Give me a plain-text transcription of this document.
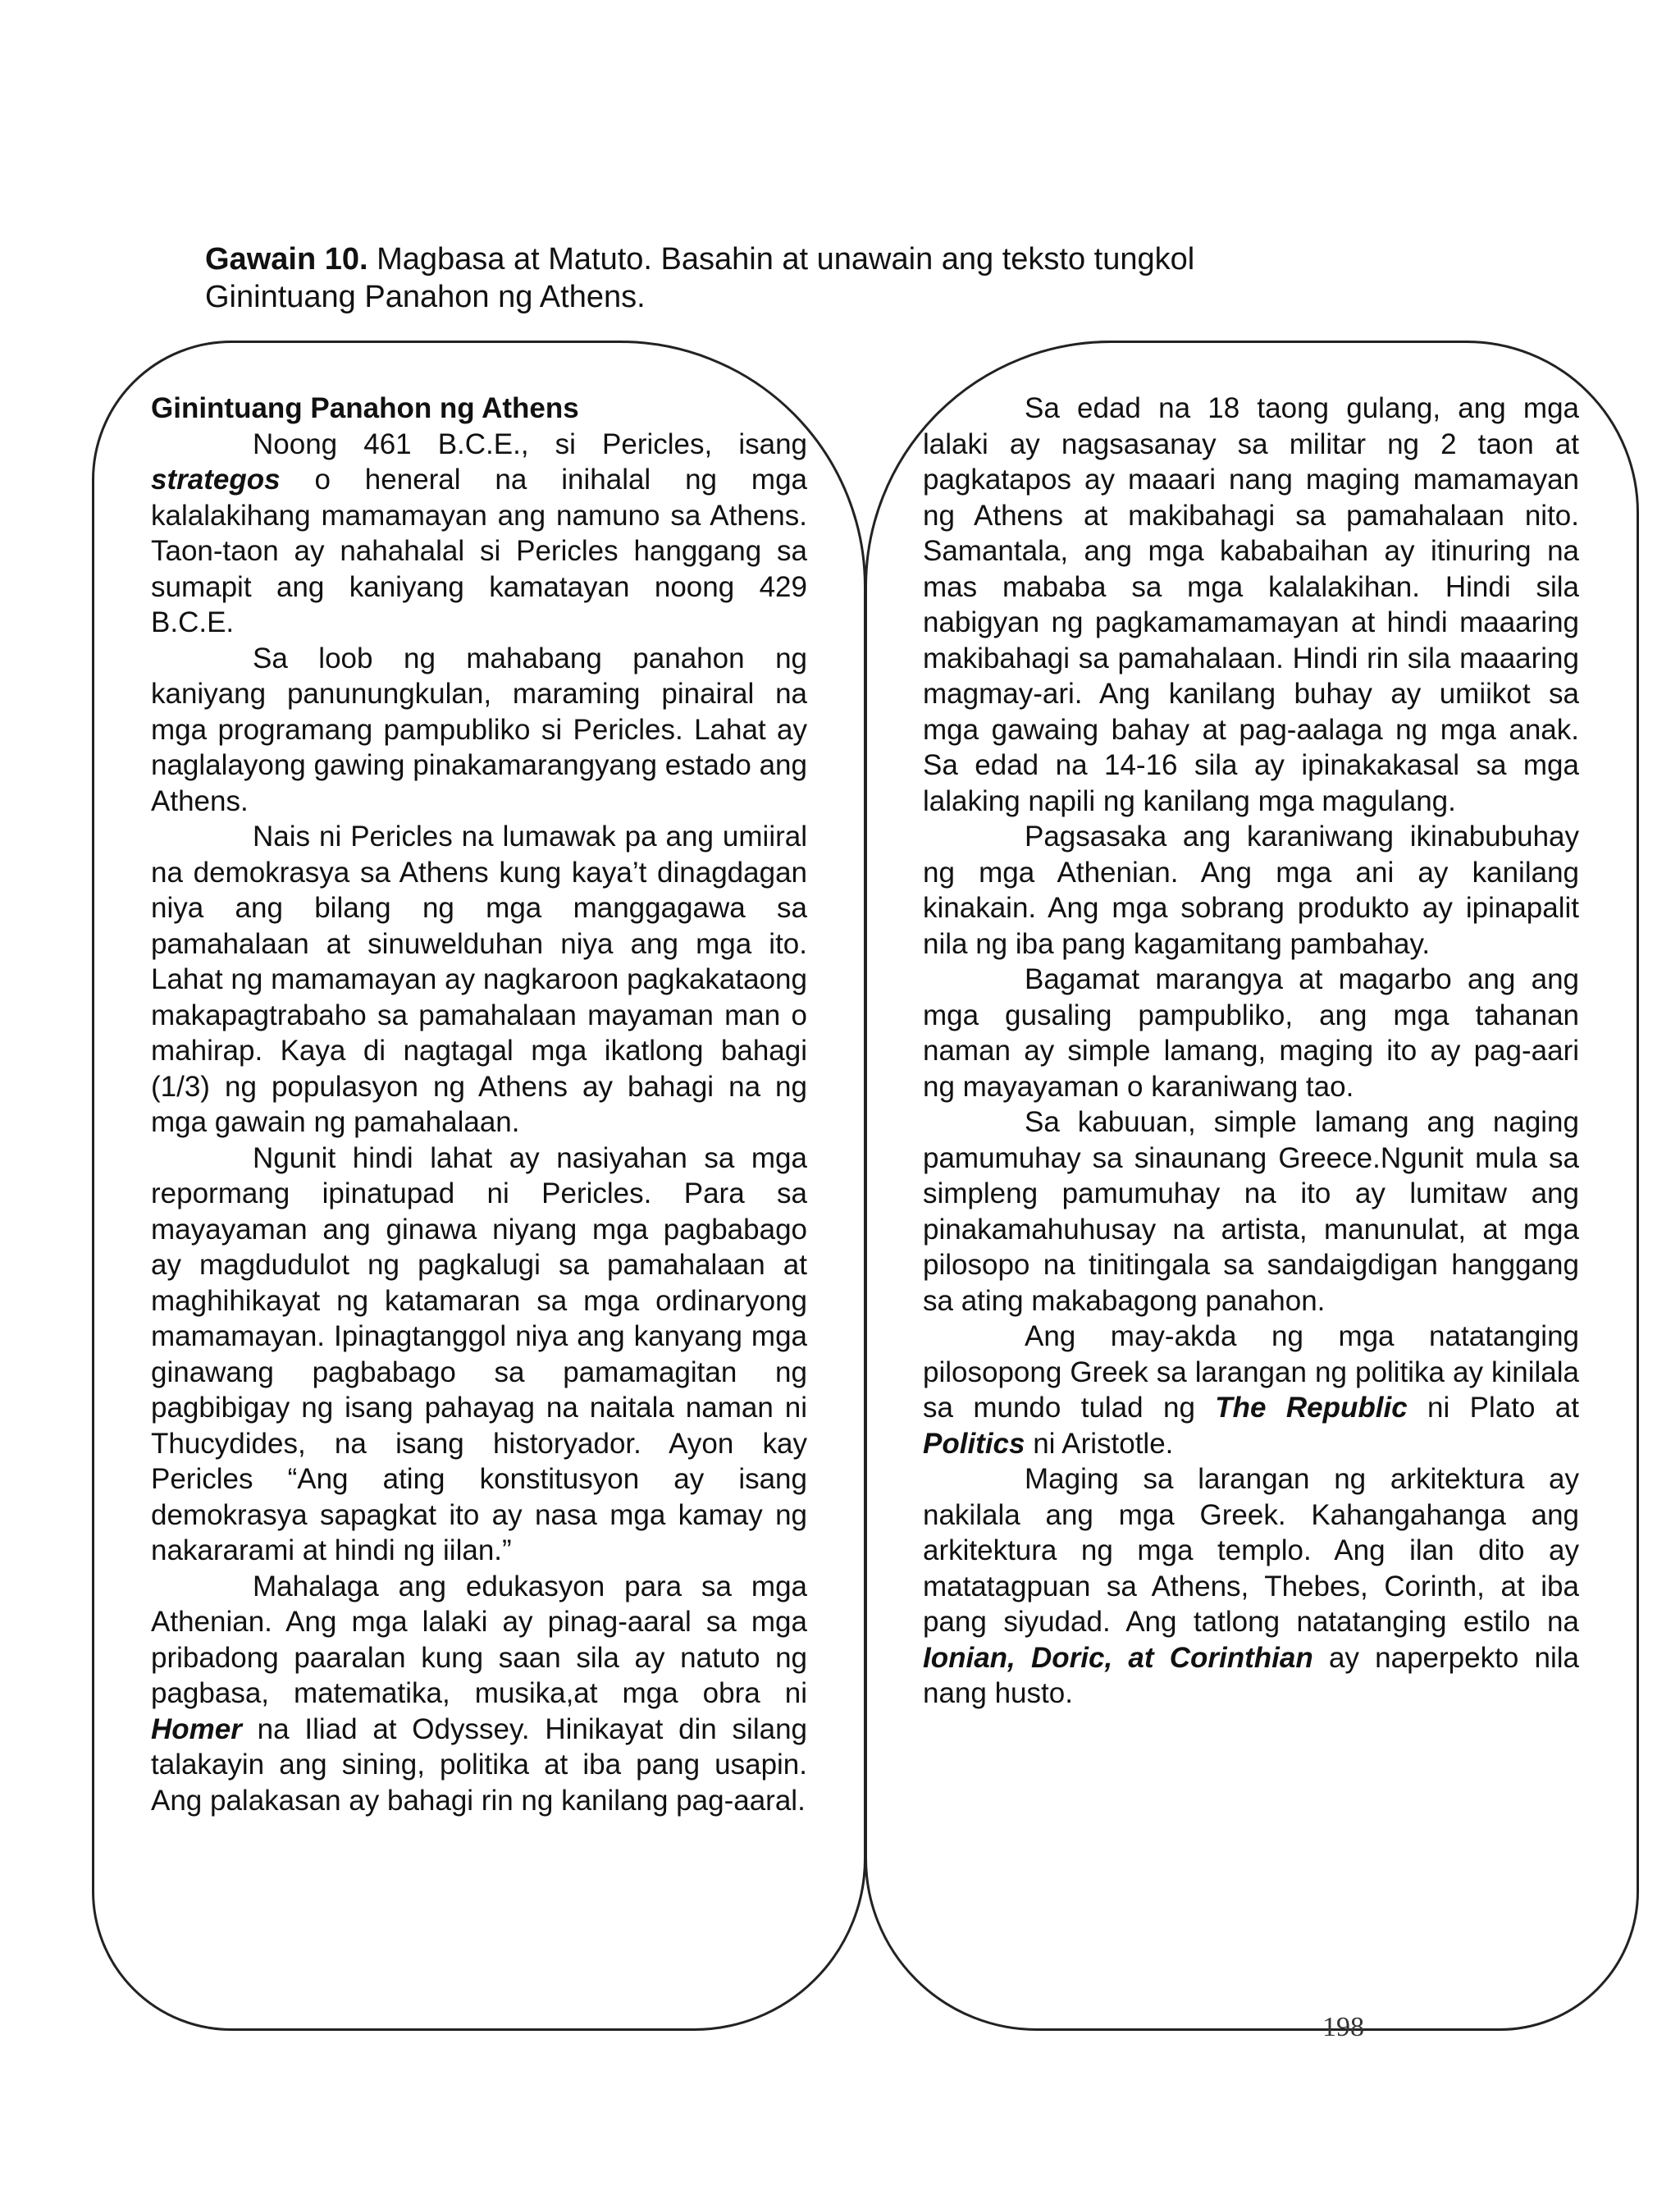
Gawain 10. Magbasa at Matuto. Basahin at unawain ang teksto tungkol
Ginintuang Panahon ng Athens.
198

Ginintuang Panahon ng Athens

Noong 461 B.C.E., si Pericles, isang strategos o heneral na inihalal ng mga kalalakihang mamamayan ang namuno sa Athens. Taon-taon ay nahahalal si Pericles hanggang sa sumapit ang kaniyang kamatayan noong 429 B.C.E.

Sa loob ng mahabang panahon ng kaniyang panunungkulan, maraming pinairal na mga programang pampubliko si Pericles. Lahat ay naglalayong gawing pinakamarangyang estado ang Athens.

Nais ni Pericles na lumawak pa ang umiiral na demokrasya sa Athens kung kaya’t dinagdagan niya ang bilang ng mga manggagawa sa pamahalaan at sinuwelduhan niya ang mga ito. Lahat ng mamamayan ay nagkaroon pagkakataong makapagtrabaho sa pamahalaan mayaman man o mahirap. Kaya di nagtagal mga ikatlong bahagi (1/3) ng populasyon ng Athens ay bahagi na ng mga gawain ng pamahalaan.

Ngunit hindi lahat ay nasiyahan sa mga repormang ipinatupad ni Pericles. Para sa mayayaman ang ginawa niyang mga pagbabago ay magdudulot ng pagkalugi sa pamahalaan at maghihikayat ng katamaran sa mga ordinaryong mamamayan. Ipinagtanggol niya ang kanyang mga ginawang pagbabago sa pamamagitan ng pagbibigay ng isang pahayag na naitala naman ni Thucydides, na isang historyador. Ayon kay Pericles “Ang ating konstitusyon ay isang demokrasya sapagkat ito ay nasa mga kamay ng nakararami at hindi ng iilan.”

Mahalaga ang edukasyon para sa mga Athenian. Ang mga lalaki ay pinag-aaral sa mga pribadong paaralan kung saan sila ay natuto ng pagbasa, matematika, musika,at mga obra ni Homer na Iliad at Odyssey. Hinikayat din silang talakayin ang sining, politika at iba pang usapin. Ang palakasan ay bahagi rin ng kanilang pag-aaral.

Sa edad na 18 taong gulang, ang mga lalaki ay nagsasanay sa militar ng 2 taon at pagkatapos ay maaari nang maging mamamayan ng Athens at makibahagi sa pamahalaan nito. Samantala, ang mga kababaihan ay itinuring na mas mababa sa mga kalalakihan. Hindi sila nabigyan ng pagkamamamayan at hindi maaaring makibahagi sa pamahalaan. Hindi rin sila maaaring magmay-ari. Ang kanilang buhay ay umiikot sa mga gawaing bahay at pag-aalaga ng mga anak. Sa edad na 14-16 sila ay ipinakakasal sa mga lalaking napili ng kanilang mga magulang.

Pagsasaka ang karaniwang ikinabubuhay ng mga Athenian. Ang mga ani ay kanilang kinakain. Ang mga sobrang produkto ay ipinapalit nila ng iba pang kagamitang pambahay.

Bagamat marangya at magarbo ang ang mga gusaling pampubliko, ang mga tahanan naman ay simple lamang, maging ito ay pag-aari ng mayayaman o karaniwang tao.

Sa kabuuan, simple lamang ang naging pamumuhay sa sinaunang Greece.Ngunit mula sa simpleng pamumuhay na ito ay lumitaw ang pinakamahuhusay na artista, manunulat, at mga pilosopo na tinitingala sa sandaigdigan hanggang sa ating makabagong panahon.

Ang may-akda ng mga natatanging pilosopong Greek sa larangan ng politika ay kinilala sa mundo tulad ng The Republic ni Plato at Politics ni Aristotle.

Maging sa larangan ng arkitektura ay nakilala ang mga Greek. Kahangahanga ang arkitektura ng mga templo. Ang ilan dito ay matatagpuan sa Athens, Thebes, Corinth, at iba pang siyudad. Ang tatlong natatanging estilo na Ionian, Doric, at Corinthian ay naperpekto nila nang husto.
